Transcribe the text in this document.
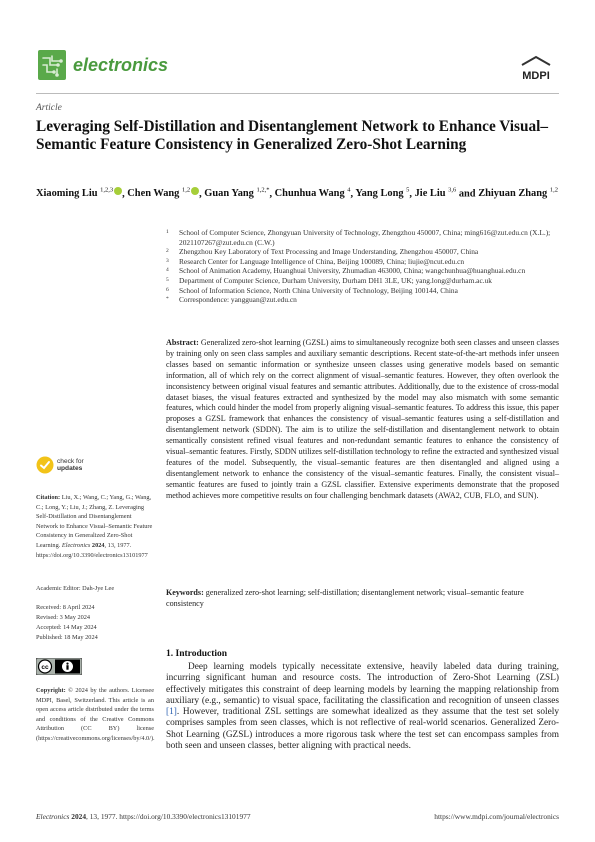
electronics
MDPI
Article
Leveraging Self-Distillation and Disentanglement Network to Enhance Visual–Semantic Feature Consistency in Generalized Zero-Shot Learning
Xiaoming Liu $^{1,2,3}$ , Chen Wang $^{1,2}$ , Guan Yang $^{1,2,*}$, Chunhua Wang $^4$, Yang Long $^5$, Jie Liu $^{3,6}$ and Zhiyuan Zhang $^{1,2}$
1 School of Computer Science, Zhongyuan University of Technology, Zhengzhou 450007, China; ming616@zut.edu.cn (X.L.); 2021107267@zut.edu.cn (C.W.)
2 Zhengzhou Key Laboratory of Text Processing and Image Understanding, Zhengzhou 450007, China
3 Research Center for Language Intelligence of China, Beijing 100089, China; liujie@ncut.edu.cn
4 School of Animation Academy, Huanghuai University, Zhumadian 463000, China; wangchunhua@huanghuai.edu.cn
5 Department of Computer Science, Durham University, Durham DH1 3LE, UK; yang.long@durham.ac.uk
6 School of Information Science, North China University of Technology, Beijing 100144, China
* Correspondence: yangguan@zut.edu.cn
Abstract: Generalized zero-shot learning (GZSL) aims to simultaneously recognize both seen classes and unseen classes by training only on seen class samples and auxiliary semantic descriptions. Recent state-of-the-art methods infer unseen classes based on semantic information or synthesize unseen classes using generative models based on semantic information, all of which rely on the correct alignment of visual–semantic features. However, they often overlook the inconsistency between original visual features and semantic attributes. Additionally, due to the existence of cross-modal dataset biases, the visual features extracted and synthesized by the model may also mismatch with some semantic features, which could hinder the model from properly aligning visual–semantic features. To address this issue, this paper proposes a GZSL framework that enhances the consistency of visual–semantic features using a self-distillation and disentanglement network (SDDN). The aim is to utilize the self-distillation and disentanglement network to obtain semantically consistent refined visual features and non-redundant semantic features to enhance the consistency of visual–semantic features. Firstly, SDDN utilizes self-distillation technology to refine the extracted and synthesized visual features of the model. Subsequently, the visual–semantic features are then disentangled and aligned using a disentanglement network to enhance the consistency of the visual–semantic features. Finally, the consistent visual–semantic features are fused to jointly train a GZSL classifier. Extensive experiments demonstrate that the proposed method achieves more competitive results on four challenging benchmark datasets (AWA2, CUB, FLO, and SUN).
Keywords: generalized zero-shot learning; self-distillation; disentanglement network; visual–semantic feature consistency
check for
updates
Citation: Liu, X.; Wang, C.; Yang, G.; Wang, C.; Long, Y.; Liu, J.; Zhang, Z. Leveraging Self-Distillation and Disentanglement Network to Enhance Visual–Semantic Feature Consistency in Generalized Zero-Shot Learning. Electronics 2024, 13, 1977. https://doi.org/10.3390/electronics13101977
Academic Editor: Dah-Jye Lee
Received: 8 April 2024
Revised: 3 May 2024
Accepted: 14 May 2024
Published: 18 May 2024
cc
Copyright: © 2024 by the authors. Licensee MDPI, Basel, Switzerland. This article is an open access article distributed under the terms and conditions of the Creative Commons Attribution (CC BY) license (https://creativecommons.org/licenses/by/4.0/).
1. Introduction
Deep learning models typically necessitate extensive, heavily labeled data during training, incurring significant human and resource costs. The introduction of Zero-Shot Learning (ZSL) effectively mitigates this constraint of deep learning models by learning the mapping relationship from auxiliary (e.g., semantic) to visual space, facilitating the classification and recognition of unseen classes [1]. However, traditional ZSL settings are somewhat idealized as they assume that the test set solely comprises samples from seen classes, which is not reflective of real-world scenarios. Generalized Zero-Shot Learning (GZSL) introduces a more rigorous task where the test set can encompass samples from both seen and unseen classes, better aligning with practical needs.
Electronics 2024, 13, 1977. https://doi.org/10.3390/electronics13101977	https://www.mdpi.com/journal/electronics
